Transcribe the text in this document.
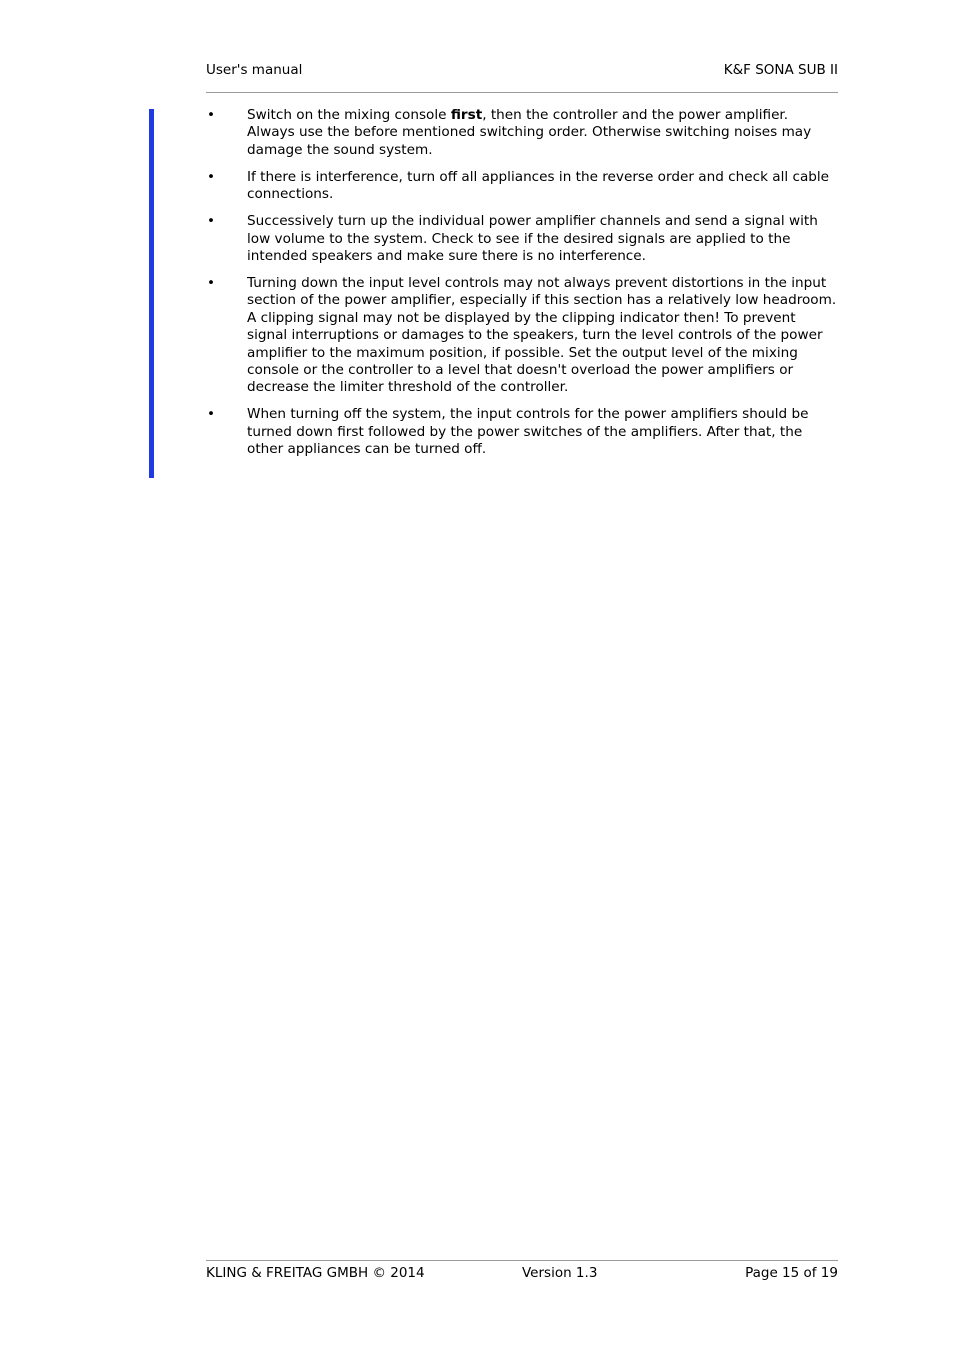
User's manual	K&F SONA SUB II
• Switch on the mixing console first, then the controller and the power amplifier. Always use the before mentioned switching order. Otherwise switching noises may damage the sound system.
• If there is interference, turn off all appliances in the reverse order and check all cable connections.
• Successively turn up the individual power amplifier channels and send a signal with low volume to the system. Check to see if the desired signals are applied to the intended speakers and make sure there is no interference.
• Turning down the input level controls may not always prevent distortions in the input section of the power amplifier, especially if this section has a relatively low headroom. A clipping signal may not be displayed by the clipping indicator then! To prevent signal interruptions or damages to the speakers, turn the level controls of the power amplifier to the maximum position, if possible. Set the output level of the mixing console or the controller to a level that doesn't overload the power amplifiers or decrease the limiter threshold of the controller.
• When turning off the system, the input controls for the power amplifiers should be turned down first followed by the power switches of the amplifiers. After that, the other appliances can be turned off.
KLING & FREITAG GMBH © 2014	Version 1.3	Page 15 of 19
